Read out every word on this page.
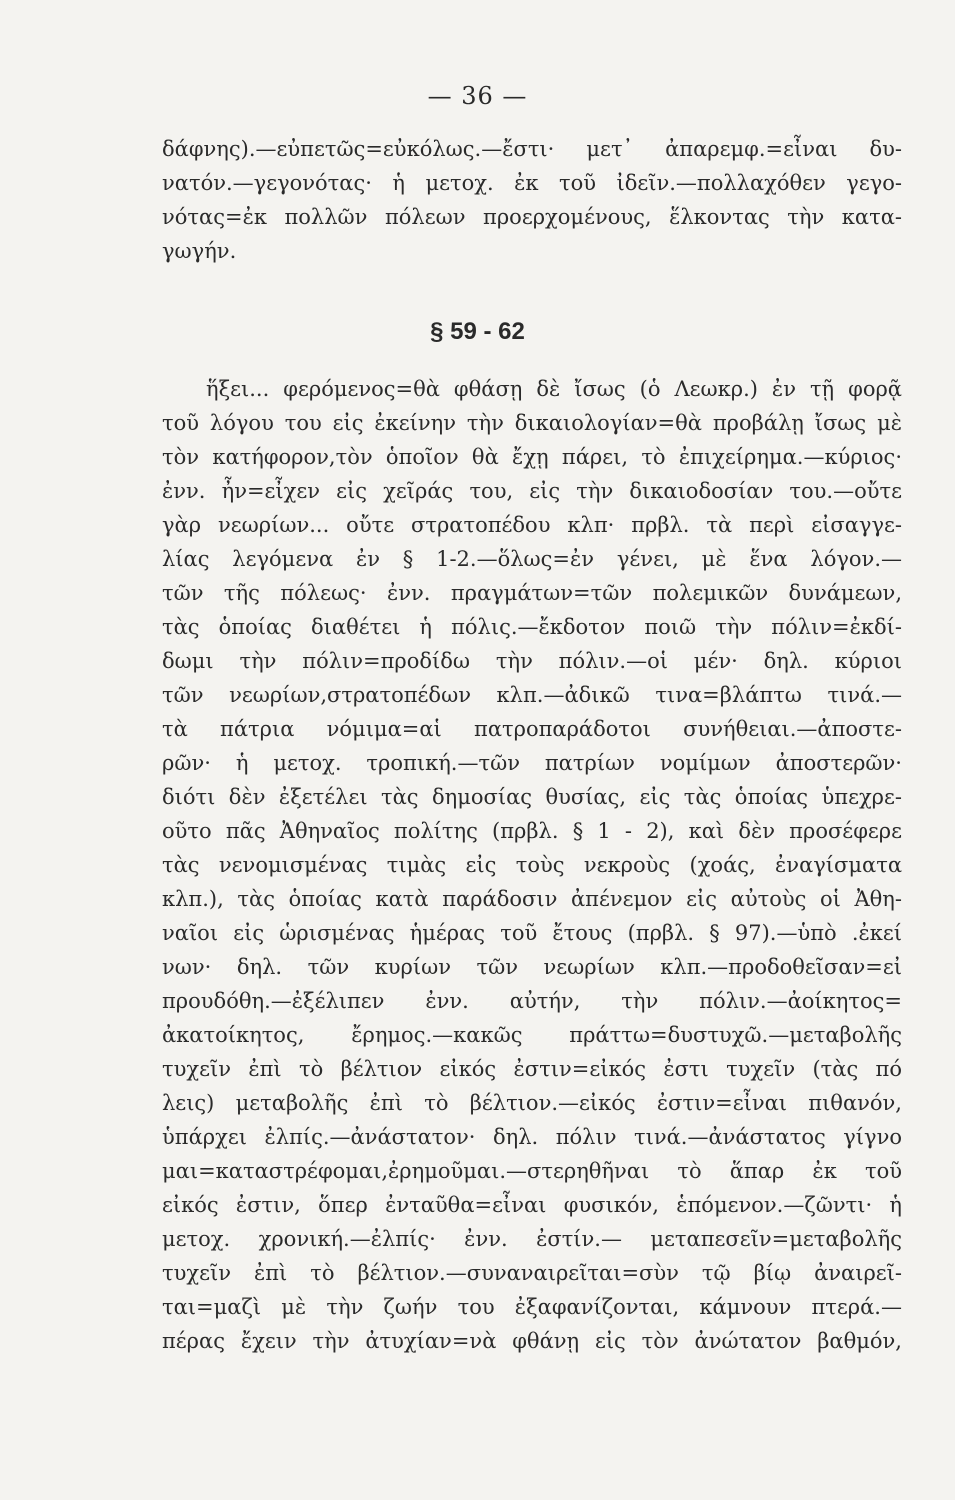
— 36 —
δάφνης).—εὐπετῶς=εὐκόλως.—ἔστι· μετ᾿ ἀπαρεμφ.=εἶναι δυ-
νατόν.—γεγονότας· ἡ μετοχ. ἐκ τοῦ ἰδεῖν.—πολλαχόθεν γεγο-
νότας=ἐκ πολλῶν πόλεων προερχομένους, ἕλκοντας τὴν κατα-
γωγήν.
§ 59 - 62
ἥξει... φερόμενος=θὰ φθάσῃ δὲ ἴσως (ὁ Λεωκρ.) ἐν τῇ φορᾷ
τοῦ λόγου του εἰς ἐκείνην τὴν δικαιολογίαν=θὰ προβάλῃ ἴσως μὲ
τὸν κατήφορον,τὸν ὁποῖον θὰ ἔχῃ πάρει, τὸ ἐπιχείρημα.—κύριος·
ἐνν. ἦν=εἶχεν εἰς χεῖράς του, εἰς τὴν δικαιοδοσίαν του.—οὔτε
γὰρ νεωρίων... οὔτε στρατοπέδου κλπ· πρβλ. τὰ περὶ εἰσαγγε-
λίας λεγόμενα ἐν § 1-2.—ὅλως=ἐν γένει, μὲ ἕνα λόγον.—
τῶν τῆς πόλεως· ἐνν. πραγμάτων=τῶν πολεμικῶν δυνάμεων,
τὰς ὁποίας διαθέτει ἡ πόλις.—ἔκδοτον ποιῶ τὴν πόλιν=ἐκδί-
δωμι τὴν πόλιν=προδίδω τὴν πόλιν.—οἱ μέν· δηλ. κύριοι
τῶν νεωρίων,στρατοπέδων κλπ.—ἀδικῶ τινα=βλάπτω τινά.—
τὰ πάτρια νόμιμα=αἱ πατροπαράδοτοι συνήθειαι.—ἀποστε-
ρῶν· ἡ μετοχ. τροπική.—τῶν πατρίων νομίμων ἀποστερῶν·
διότι δὲν ἐξετέλει τὰς δημοσίας θυσίας, εἰς τὰς ὁποίας ὑπεχρε-
οῦτο πᾶς Ἀθηναῖος πολίτης (πρβλ. § 1 - 2), καὶ δὲν προσέφερε
τὰς νενομισμένας τιμὰς εἰς τοὺς νεκροὺς (χοάς, ἐναγίσματα
κλπ.), τὰς ὁποίας κατὰ παράδοσιν ἀπένεμον εἰς αὐτοὺς οἱ Ἀθη-
ναῖοι εἰς ὡρισμένας ἡμέρας τοῦ ἔτους (πρβλ. § 97).—ὑπὸ .ἐκεί
νων· δηλ. τῶν κυρίων τῶν νεωρίων κλπ.—προδοθεῖσαν=εἰ
προυδόθη.—ἐξέλιπεν ἐνν. αὐτήν, τὴν πόλιν.—ἀοίκητος=
ἀκατοίκητος, ἔρημος.—κακῶς πράττω=δυστυχῶ.—μεταβολῆς
τυχεῖν ἐπὶ τὸ βέλτιον εἰκός ἐστιν=εἰκός ἐστι τυχεῖν (τὰς πό
λεις) μεταβολῆς ἐπὶ τὸ βέλτιον.—εἰκός ἐστιν=εἶναι πιθανόν,
ὑπάρχει ἐλπίς.—ἀνάστατον· δηλ. πόλιν τινά.—ἀνάστατος γίγνο
μαι=καταστρέφομαι,ἐρημοῦμαι.—στερηθῆναι τὸ ἅπαρ ἐκ τοῦ
εἰκός ἐστιν, ὅπερ ἐνταῦθα=εἶναι φυσικόν, ἑπόμενον.—ζῶντι· ἡ
μετοχ. χρονική.—ἐλπίς· ἐνν. ἐστίν.— μεταπεσεῖν=μεταβολῆς
τυχεῖν ἐπὶ τὸ βέλτιον.—συναναιρεῖται=σὺν τῷ βίῳ ἀναιρεῖ-
ται=μαζὶ μὲ τὴν ζωήν του ἐξαφανίζονται, κάμνουν πτερά.—
πέρας ἔχειν τὴν ἀτυχίαν=νὰ φθάνῃ εἰς τὸν ἀνώτατον βαθμόν,
